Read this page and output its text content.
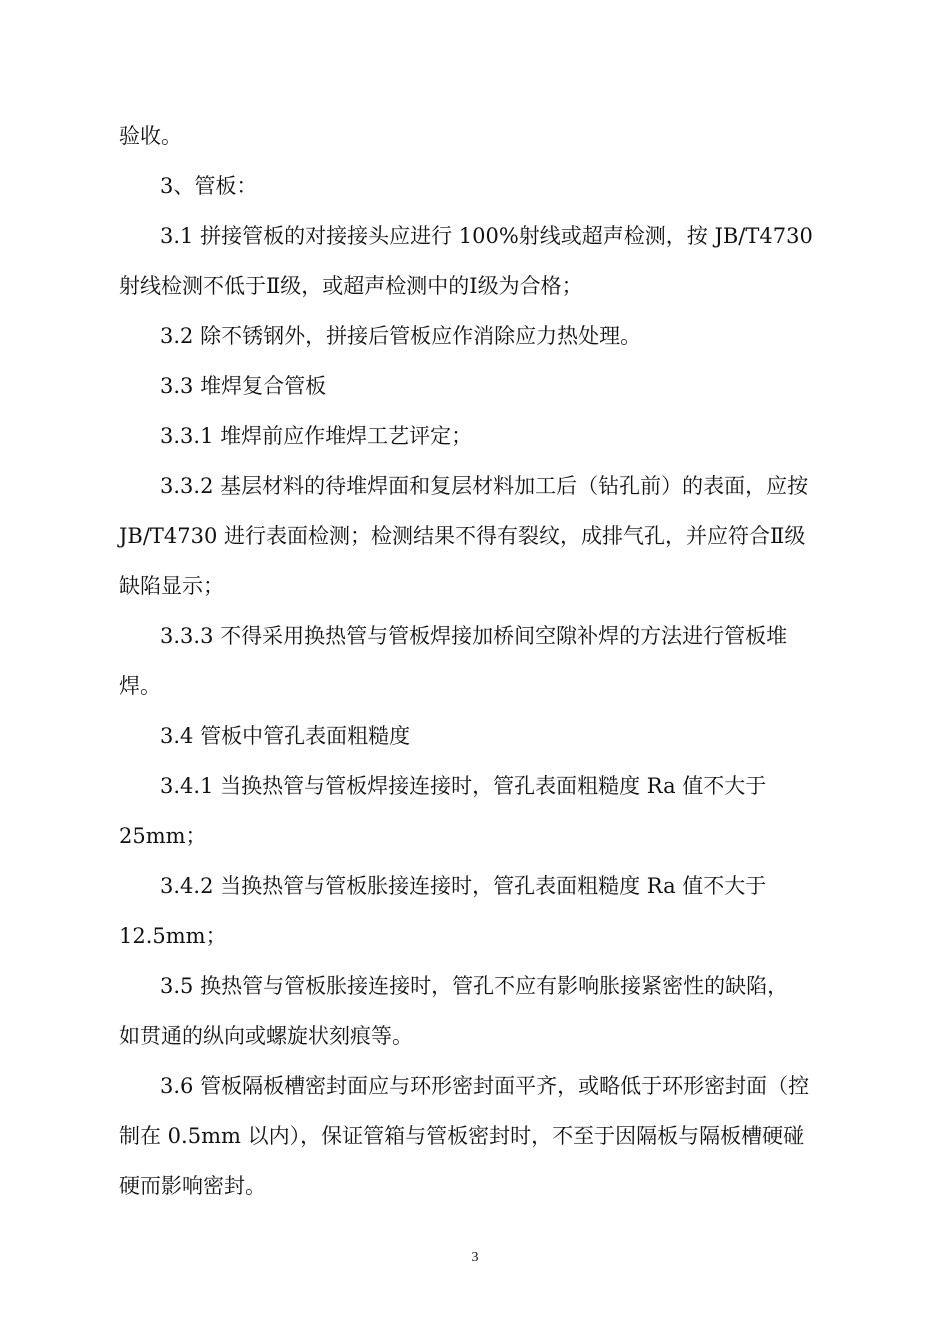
验收。
3、管板：
3.1 拼接管板的对接接头应进行 100%射线或超声检测，按 JB/T4730
射线检测不低于Ⅱ级，或超声检测中的Ⅰ级为合格；
3.2 除不锈钢外，拼接后管板应作消除应力热处理。
3.3 堆焊复合管板
3.3.1 堆焊前应作堆焊工艺评定；
3.3.2 基层材料的待堆焊面和复层材料加工后（钻孔前）的表面，应按
JB/T4730 进行表面检测；检测结果不得有裂纹，成排气孔，并应符合Ⅱ级
缺陷显示；
3.3.3 不得采用换热管与管板焊接加桥间空隙补焊的方法进行管板堆
焊。
3.4 管板中管孔表面粗糙度
3.4.1 当换热管与管板焊接连接时，管孔表面粗糙度 Ra 值不大于
25mm；
3.4.2 当换热管与管板胀接连接时，管孔表面粗糙度 Ra 值不大于
12.5mm；
3.5 换热管与管板胀接连接时，管孔不应有影响胀接紧密性的缺陷，
如贯通的纵向或螺旋状刻痕等。
3.6 管板隔板槽密封面应与环形密封面平齐，或略低于环形密封面（控
制在 0.5mm 以内），保证管箱与管板密封时，不至于因隔板与隔板槽硬碰
硬而影响密封。
3
